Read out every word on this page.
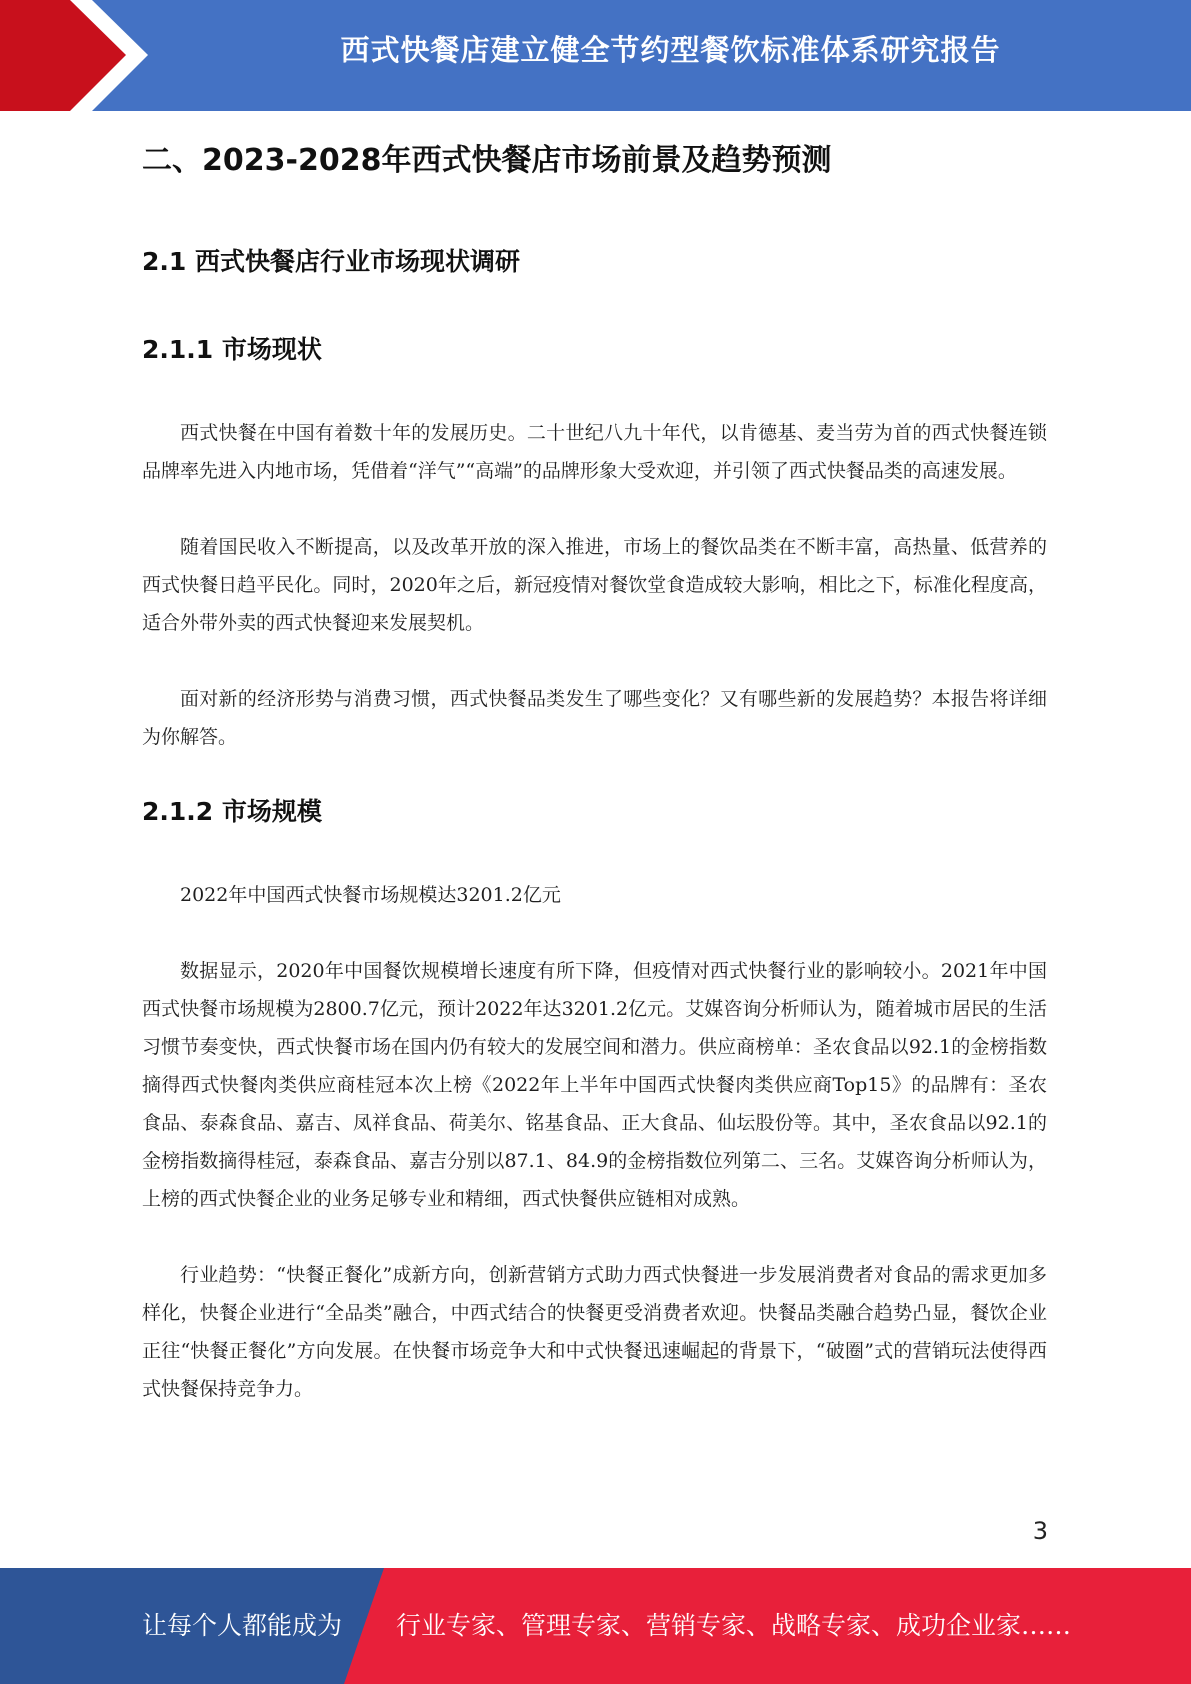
西式快餐店建立健全节约型餐饮标准体系研究报告
二、2023-2028年西式快餐店市场前景及趋势预测
2.1 西式快餐店行业市场现状调研
2.1.1 市场现状

西式快餐在中国有着数十年的发展历史。二十世纪八九十年代，以肯德基、麦当劳为首的西式快餐连锁品牌率先进入内地市场，凭借着“洋气”“高端”的品牌形象大受欢迎，并引领了西式快餐品类的高速发展。

随着国民收入不断提高，以及改革开放的深入推进，市场上的餐饮品类在不断丰富，高热量、低营养的西式快餐日趋平民化。同时，2020年之后，新冠疫情对餐饮堂食造成较大影响，相比之下，标准化程度高，适合外带外卖的西式快餐迎来发展契机。

面对新的经济形势与消费习惯，西式快餐品类发生了哪些变化？又有哪些新的发展趋势？本报告将详细为你解答。

2.1.2 市场规模

2022年中国西式快餐市场规模达3201.2亿元

数据显示，2020年中国餐饮规模增长速度有所下降，但疫情对西式快餐行业的影响较小。2021年中国西式快餐市场规模为2800.7亿元，预计2022年达3201.2亿元。艾媒咨询分析师认为，随着城市居民的生活习惯节奏变快，西式快餐市场在国内仍有较大的发展空间和潜力。供应商榜单：圣农食品以92.1的金榜指数摘得西式快餐肉类供应商桂冠本次上榜《2022年上半年中国西式快餐肉类供应商Top15》的品牌有：圣农食品、泰森食品、嘉吉、凤祥食品、荷美尔、铭基食品、正大食品、仙坛股份等。其中，圣农食品以92.1的金榜指数摘得桂冠，泰森食品、嘉吉分别以87.1、84.9的金榜指数位列第二、三名。艾媒咨询分析师认为，上榜的西式快餐企业的业务足够专业和精细，西式快餐供应链相对成熟。

行业趋势：“快餐正餐化”成新方向，创新营销方式助力西式快餐进一步发展消费者对食品的需求更加多样化，快餐企业进行“全品类”融合，中西式结合的快餐更受消费者欢迎。快餐品类融合趋势凸显，餐饮企业正往“快餐正餐化”方向发展。在快餐市场竞争大和中式快餐迅速崛起的背景下，“破圈”式的营销玩法使得西式快餐保持竞争力。

3
让每个人都能成为 行业专家、管理专家、营销专家、战略专家、成功企业家……
